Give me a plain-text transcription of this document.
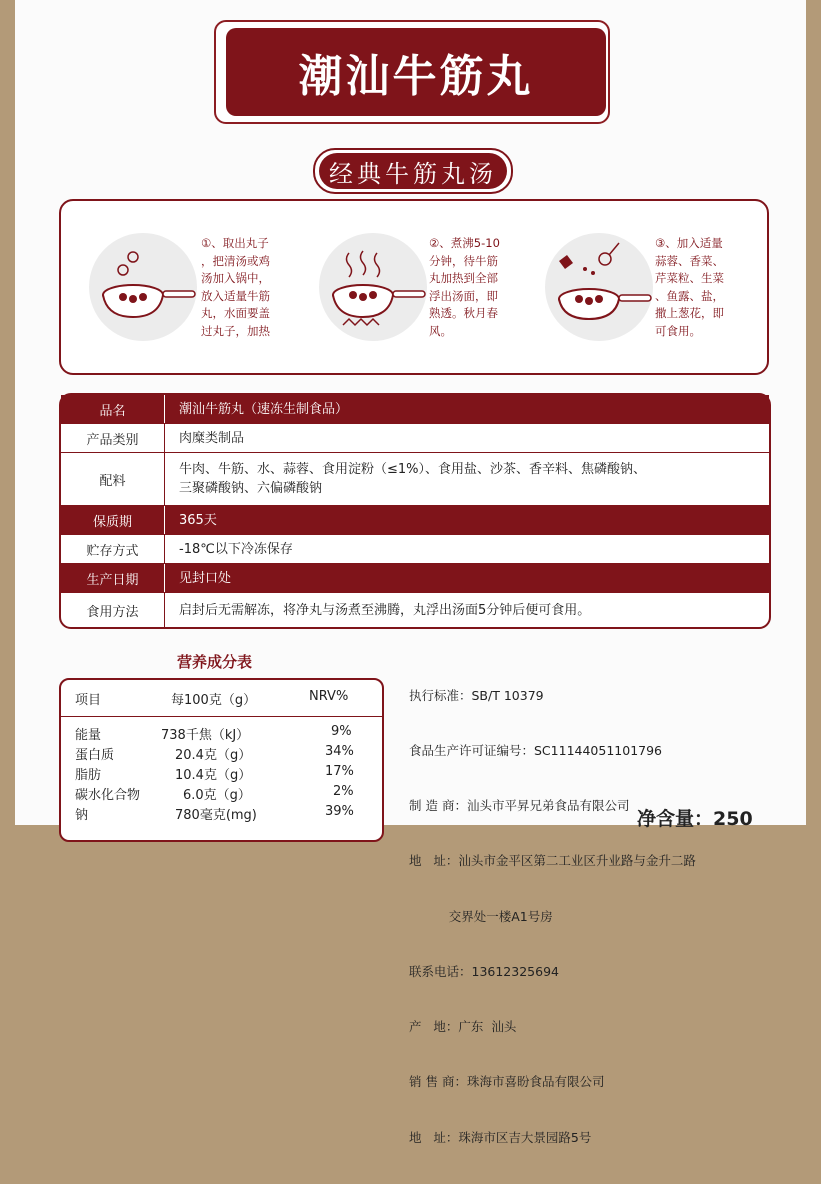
潮汕牛筋丸
经典牛筋丸汤
①、取出丸子
，把清汤或鸡
汤加入锅中，
放入适量牛筋
丸，水面要盖
过丸子，加热
②、煮沸5-10
分钟，待牛筋
丸加热到全部
浮出汤面，即
熟透。秋月春
风。
③、加入适量
蒜蓉、香菜、
芹菜粒、生菜
、鱼露、盐，
撒上葱花，即
可食用。
品名	潮汕牛筋丸（速冻生制食品）
产品类别	肉糜类制品
配料
牛肉、牛筋、水、蒜蓉、食用淀粉（≤1%）、食用盐、沙茶、香辛料、焦磷酸钠、
三聚磷酸钠、六偏磷酸钠
保质期	365天
贮存方式	-18℃以下冷冻保存
生产日期	见封口处
食用方法	启封后无需解冻，将净丸与汤煮至沸腾，丸浮出汤面5分钟后便可食用。
营养成分表
项目	每100克（g）	NRV%
能量	738千焦（kJ）	9%
蛋白质	20.4克（g）	34%
脂肪	10.4克（g）	17%
碳水化合物	6.0克（g）	2%
钠	780毫克(mg)	39%

执行标准：SB/T 10379

食品生产许可证编号：SC11144051101796

制 造 商：汕头市平昇兄弟食品有限公司

地   址：汕头市金平区第二工业区升业路与金升二路

交界处一楼A1号房

联系电话：13612325694

产   地：广东  汕头

销 售 商：珠海市喜盼食品有限公司

地   址：珠海市区吉大景园路5号

净含量：250
